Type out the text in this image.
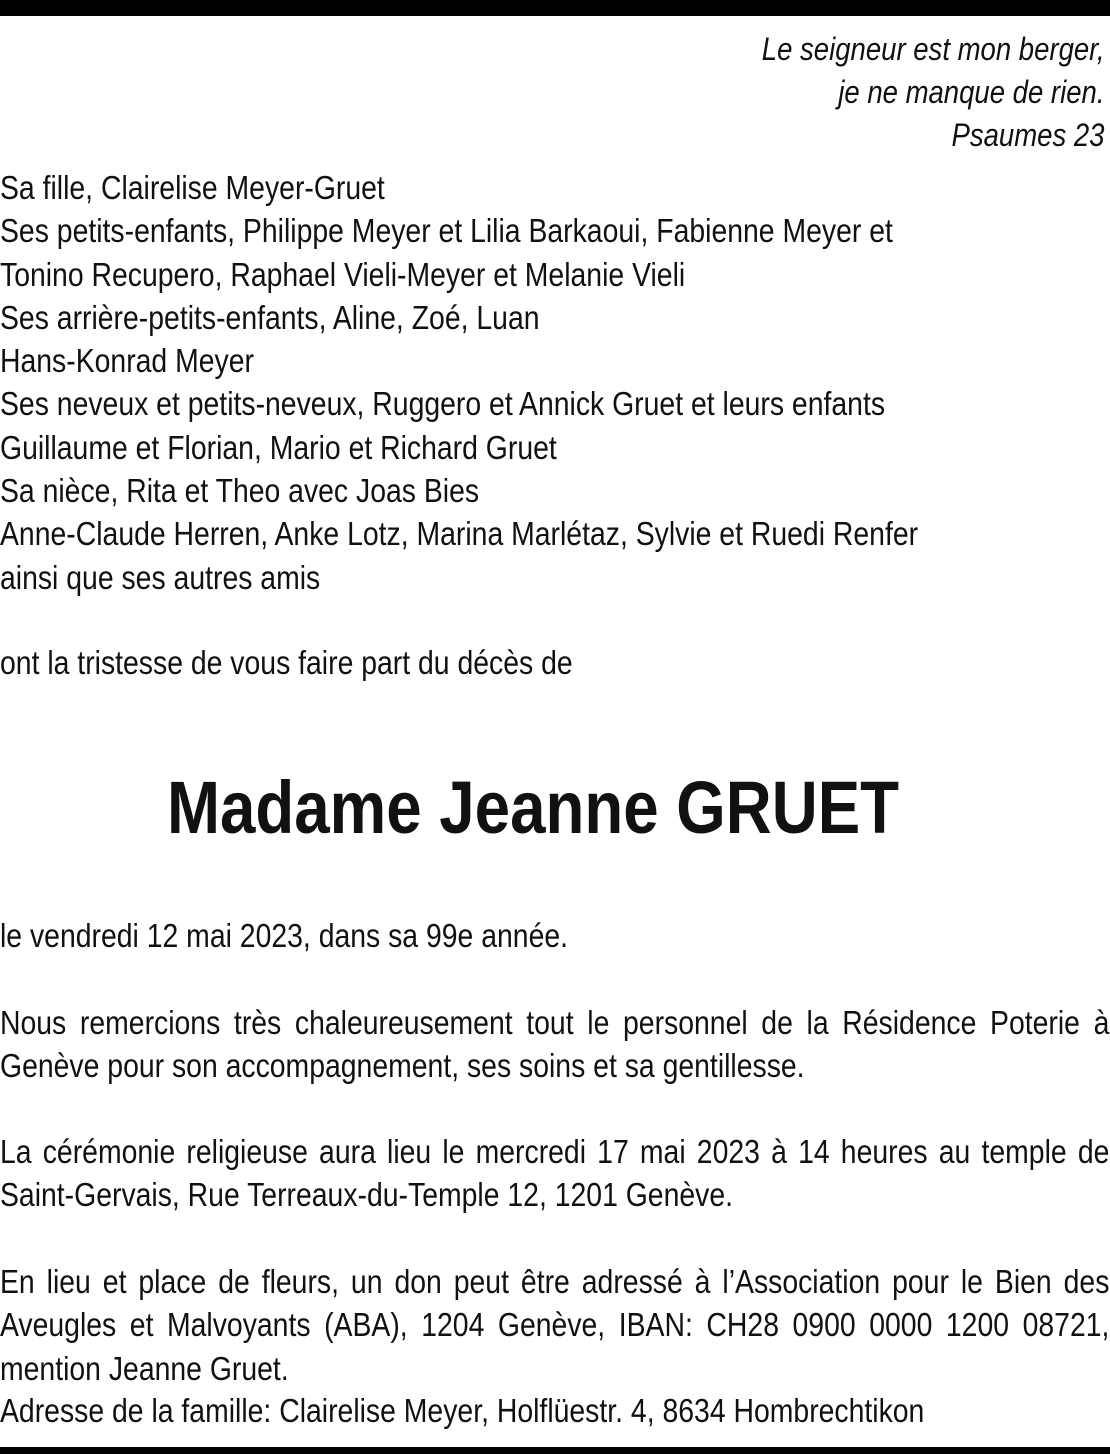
Le seigneur est mon berger,
je ne manque de rien.
Psaumes 23
Sa fille, Clairelise Meyer-Gruet
Ses petits-enfants, Philippe Meyer et Lilia Barkaoui, Fabienne Meyer et
Tonino Recupero, Raphael Vieli-Meyer et Melanie Vieli
Ses arrière-petits-enfants, Aline, Zoé, Luan
Hans-Konrad Meyer
Ses neveux et petits-neveux, Ruggero et Annick Gruet et leurs enfants
Guillaume et Florian, Mario et Richard Gruet
Sa nièce, Rita et Theo avec Joas Bies
Anne-Claude Herren, Anke Lotz, Marina Marlétaz, Sylvie et Ruedi Renfer
ainsi que ses autres amis
ont la tristesse de vous faire part du décès de
Madame Jeanne GRUET
le vendredi 12 mai 2023, dans sa 99e année.
Nous remercions très chaleureusement tout le personnel de la Résidence Poterie à Genève pour son accompagnement, ses soins et sa gentillesse.
La cérémonie religieuse aura lieu le mercredi 17 mai 2023 à 14 heures au temple de Saint-Gervais, Rue Terreaux-du-Temple 12, 1201 Genève.
En lieu et place de fleurs, un don peut être adressé à l’Association pour le Bien des Aveugles et Malvoyants (ABA), 1204 Genève, IBAN: CH28 0900 0000 1200 08721, mention Jeanne Gruet.
Adresse de la famille: Clairelise Meyer, Holflüestr. 4, 8634 Hombrechtikon
